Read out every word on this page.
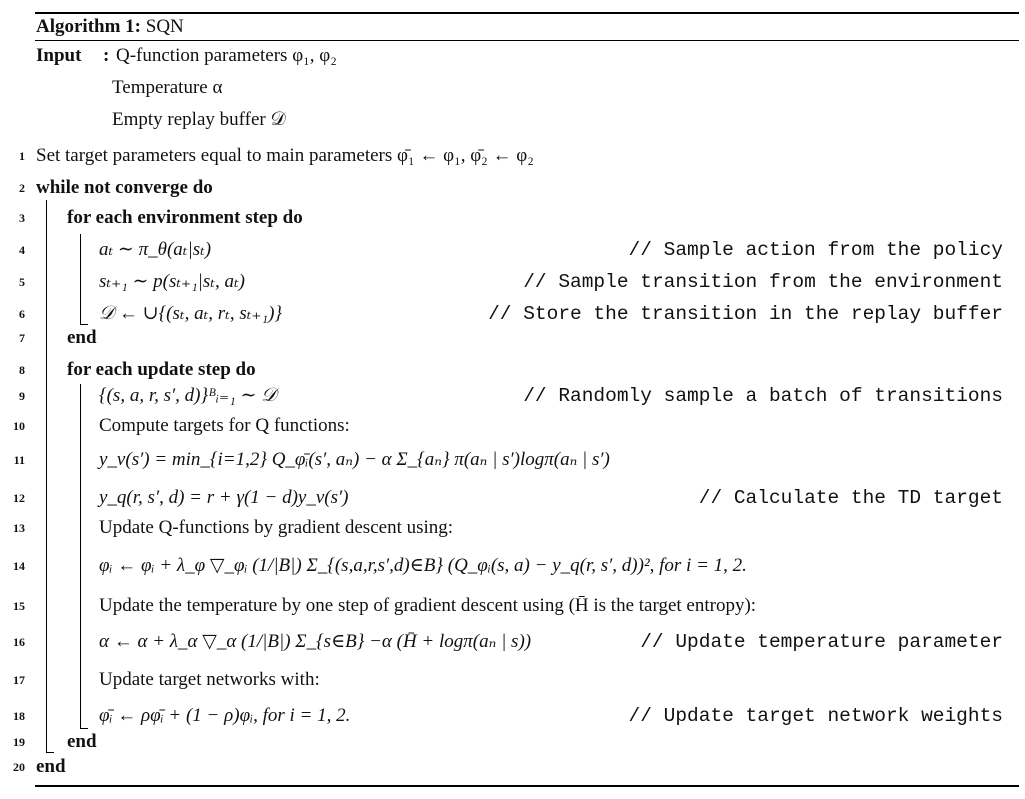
Algorithm 1: SQN
Input : Q-function parameters φ₁, φ₂
Temperature α
Empty replay buffer 𝒟
1 Set target parameters equal to main parameters φ̄₁ ← φ₁, φ̄₂ ← φ₂
2 while not converge do
3 for each environment step do
4	aₜ ∼ π_θ(aₜ|sₜ)	// Sample action from the policy
5	sₜ₊₁ ∼ p(sₜ₊₁|sₜ, aₜ)	// Sample transition from the environment
6	𝒟 ← ∪{(sₜ, aₜ, rₜ, sₜ₊₁)}	// Store the transition in the replay buffer
7 end
8 for each update step do
9	{(s, a, r, s′, d)}ᴮᵢ₌₁ ∼ 𝒟	// Randomly sample a batch of transitions
10	Compute targets for Q functions:
11	y_v(s′) = min_{i=1,2} Q_φ̄ᵢ(s′, aₙ) − α Σ_{aₙ} π(aₙ | s′)logπ(aₙ | s′)
12	y_q(r, s′, d) = r + γ(1 − d)y_v(s′)	// Calculate the TD target
13	Update Q-functions by gradient descent using:
14	φᵢ ← φᵢ + λ_φ ▽_φᵢ (1/|B|) Σ_{(s,a,r,s′,d)∈B} (Q_φᵢ(s, a) − y_q(r, s′, d))², for i = 1, 2.
15	Update the temperature by one step of gradient descent using (H̄ is the target entropy):
16	α ← α + λ_α ▽_α (1/|B|) Σ_{s∈B} −α (H̄ + logπ(aₙ | s))	// Update temperature parameter
17	Update target networks with:
18	φ̄ᵢ ← ρφ̄ᵢ + (1 − ρ)φᵢ, for i = 1, 2.	// Update target network weights
19 end
20 end
